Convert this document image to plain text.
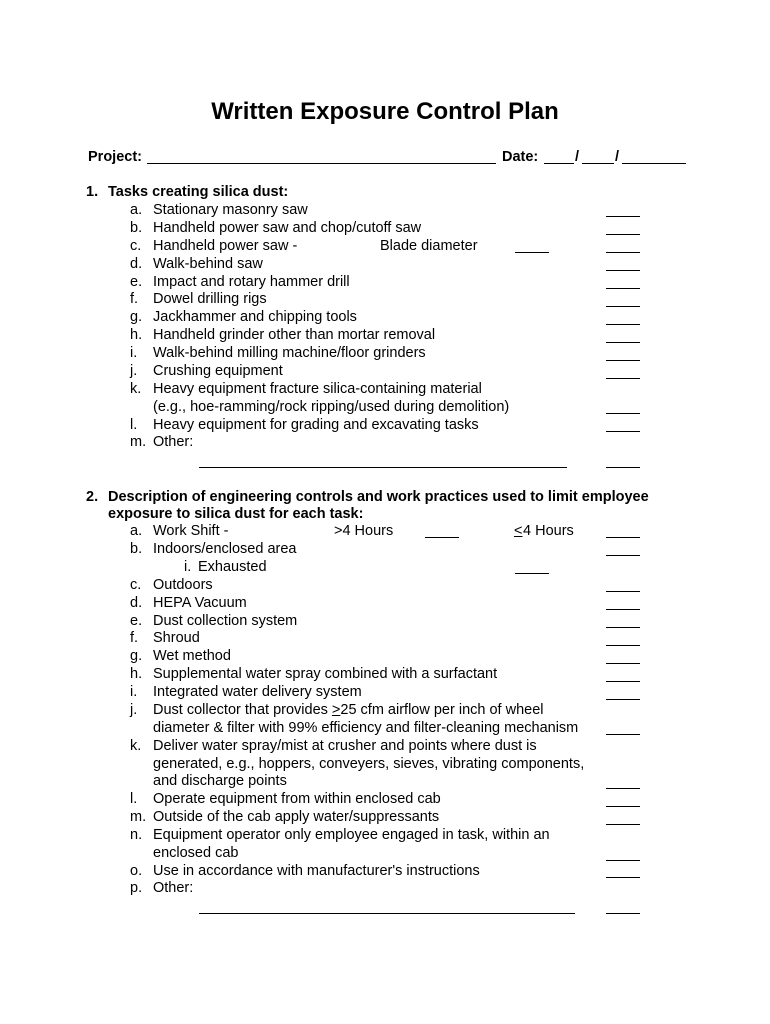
Written Exposure Control Plan
Project:	Date:	/ /
1. Tasks creating silica dust:
a. Stationary masonry saw
b. Handheld power saw and chop/cutoff saw
c. Handheld power saw -	Blade diameter
d. Walk-behind saw
e. Impact and rotary hammer drill
f. Dowel drilling rigs
g. Jackhammer and chipping tools
h. Handheld grinder other than mortar removal
i. Walk-behind milling machine/floor grinders
j. Crushing equipment
k. Heavy equipment fracture silica-containing material
(e.g., hoe-ramming/rock ripping/used during demolition)
l. Heavy equipment for grading and excavating tasks
m. Other:
2. Description of engineering controls and work practices used to limit employee
exposure to silica dust for each task:
a. Work Shift -	>4 Hours	< 4 Hours
b. Indoors/enclosed area
i. Exhausted
c. Outdoors
d. HEPA Vacuum
e. Dust collection system
f. Shroud
g. Wet method
h. Supplemental water spray combined with a surfactant
i. Integrated water delivery system
j. Dust collector that provides ≥25 cfm airflow per inch of wheel
diameter & filter with 99% efficiency and filter-cleaning mechanism
k. Deliver water spray/mist at crusher and points where dust is
generated, e.g., hoppers, conveyers, sieves, vibrating components,
and discharge points
l. Operate equipment from within enclosed cab
m. Outside of the cab apply water/suppressants
n. Equipment operator only employee engaged in task, within an
enclosed cab
o. Use in accordance with manufacturer's instructions
p. Other:
